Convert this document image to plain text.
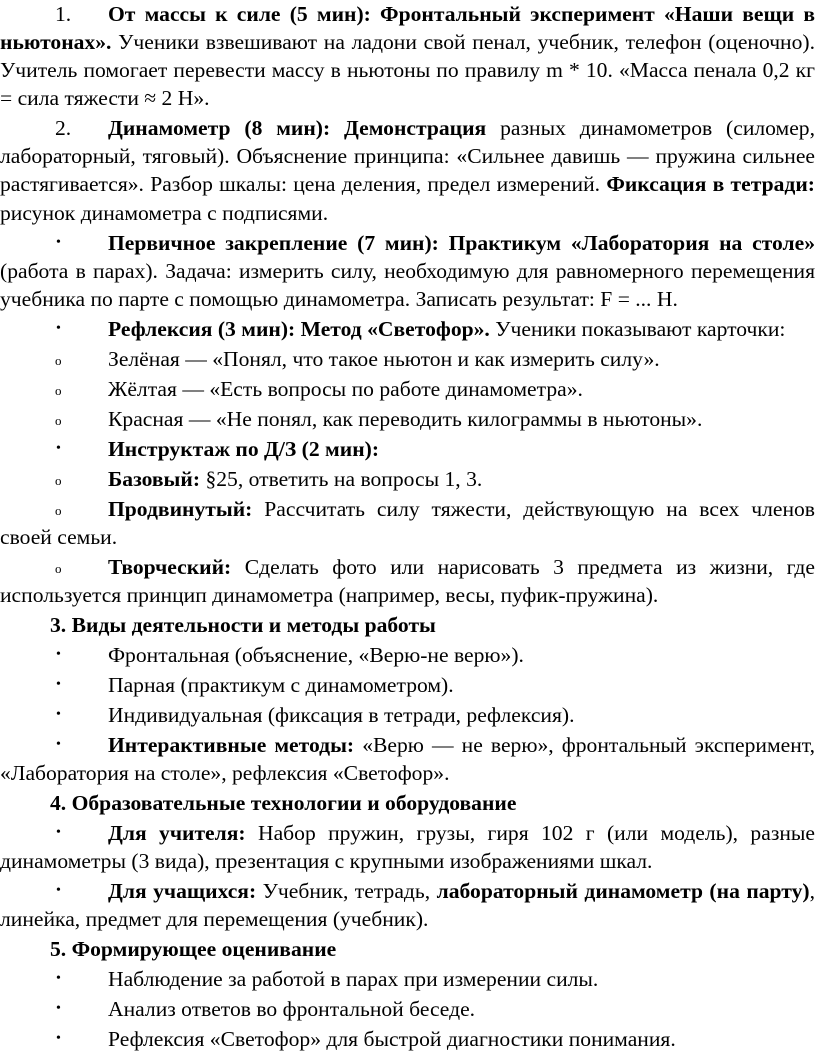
1.	От массы к силе (5 мин): Фронтальный эксперимент «Наши вещи в ньютонах». Ученики взвешивают на ладони свой пенал, учебник, телефон (оценочно). Учитель помогает перевести массу в ньютоны по правилу m * 10. «Масса пенала 0,2 кг = сила тяжести ≈ 2 Н».

2.	Динамометр (8 мин): Демонстрация разных динамометров (силомер, лабораторный, тяговый). Объяснение принципа: «Сильнее давишь — пружина сильнее растягивается». Разбор шкалы: цена деления, предел измерений. Фиксация в тетради: рисунок динамометра с подписями.

•	Первичное закрепление (7 мин): Практикум «Лаборатория на столе» (работа в парах). Задача: измерить силу, необходимую для равномерного перемещения учебника по парте с помощью динамометра. Записать результат: F = ... Н.

•	Рефлексия (3 мин): Метод «Светофор». Ученики показывают карточки:

o	Зелёная — «Понял, что такое ньютон и как измерить силу».

o	Жёлтая — «Есть вопросы по работе динамометра».

o	Красная — «Не понял, как переводить килограммы в ньютоны».

•	Инструктаж по Д/З (2 мин):

o	Базовый: §25, ответить на вопросы 1, 3.

o	Продвинутый: Рассчитать силу тяжести, действующую на всех членов своей семьи.

o	Творческий: Сделать фото или нарисовать 3 предмета из жизни, где используется принцип динамометра (например, весы, пуфик-пружина).

3. Виды деятельности и методы работы

•	Фронтальная (объяснение, «Верю-не верю»).

•	Парная (практикум с динамометром).

•	Индивидуальная (фиксация в тетради, рефлексия).

•	Интерактивные методы: «Верю — не верю», фронтальный эксперимент, «Лаборатория на столе», рефлексия «Светофор».

4. Образовательные технологии и оборудование

•	Для учителя: Набор пружин, грузы, гиря 102 г (или модель), разные динамометры (3 вида), презентация с крупными изображениями шкал.

•	Для учащихся: Учебник, тетрадь, лабораторный динамометр (на парту), линейка, предмет для перемещения (учебник).

5. Формирующее оценивание

•	Наблюдение за работой в парах при измерении силы.

•	Анализ ответов во фронтальной беседе.

•	Рефлексия «Светофор» для быстрой диагностики понимания.
